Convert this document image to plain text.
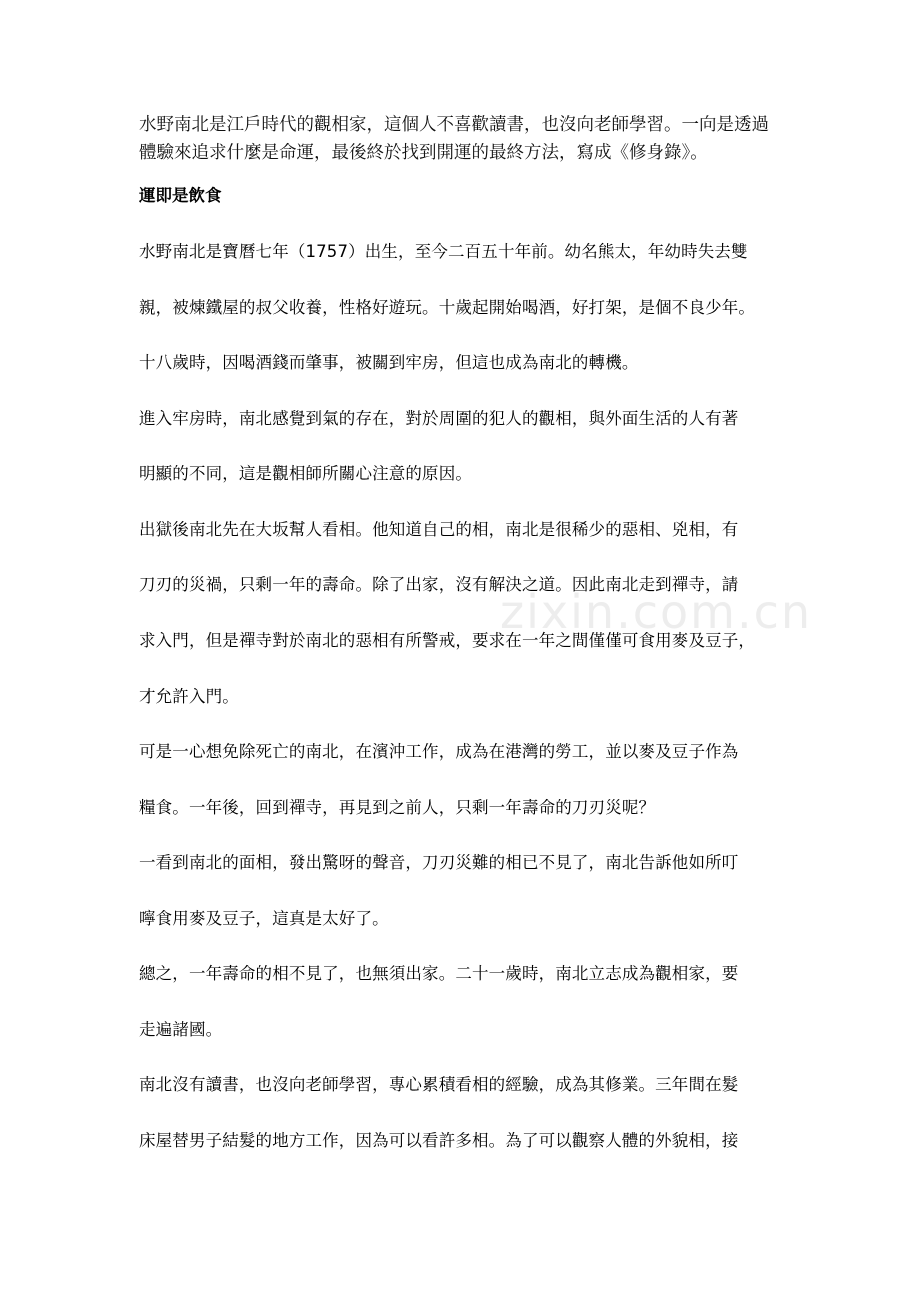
水野南北是江戶時代的觀相家，這個人不喜歡讀書，也沒向老師學習。一向是透過
體驗來追求什麼是命運，最後終於找到開運的最終方法，寫成《修身錄》。
運即是飲食
水野南北是寶曆七年（1757）出生，至今二百五十年前。幼名熊太，年幼時失去雙
親，被煉鐵屋的叔父收養，性格好遊玩。十歲起開始喝酒，好打架，是個不良少年。
十八歲時，因喝酒錢而肇事，被關到牢房，但這也成為南北的轉機。
進入牢房時，南北感覺到氣的存在，對於周圍的犯人的觀相，與外面生活的人有著
明顯的不同，這是觀相師所關心注意的原因。
出獄後南北先在大坂幫人看相。他知道自己的相，南北是很稀少的惡相、兇相，有
刀刃的災禍，只剩一年的壽命。除了出家，沒有解決之道。因此南北走到禪寺，請
求入門，但是禪寺對於南北的惡相有所警戒，要求在一年之間僅僅可食用麥及豆子，
才允許入門。
可是一心想免除死亡的南北，在濱沖工作，成為在港灣的勞工，並以麥及豆子作為
糧食。一年後，回到禪寺，再見到之前人，只剩一年壽命的刀刃災呢？
一看到南北的面相，發出驚呀的聲音，刀刃災難的相已不見了，南北告訴他如所叮
嚀食用麥及豆子，這真是太好了。
總之，一年壽命的相不見了，也無須出家。二十一歲時，南北立志成為觀相家，要
走遍諸國。
南北沒有讀書，也沒向老師學習，專心累積看相的經驗，成為其修業。三年間在髮
床屋替男子結髮的地方工作，因為可以看許多相。為了可以觀察人體的外貌相，接
zixin.com.cn
